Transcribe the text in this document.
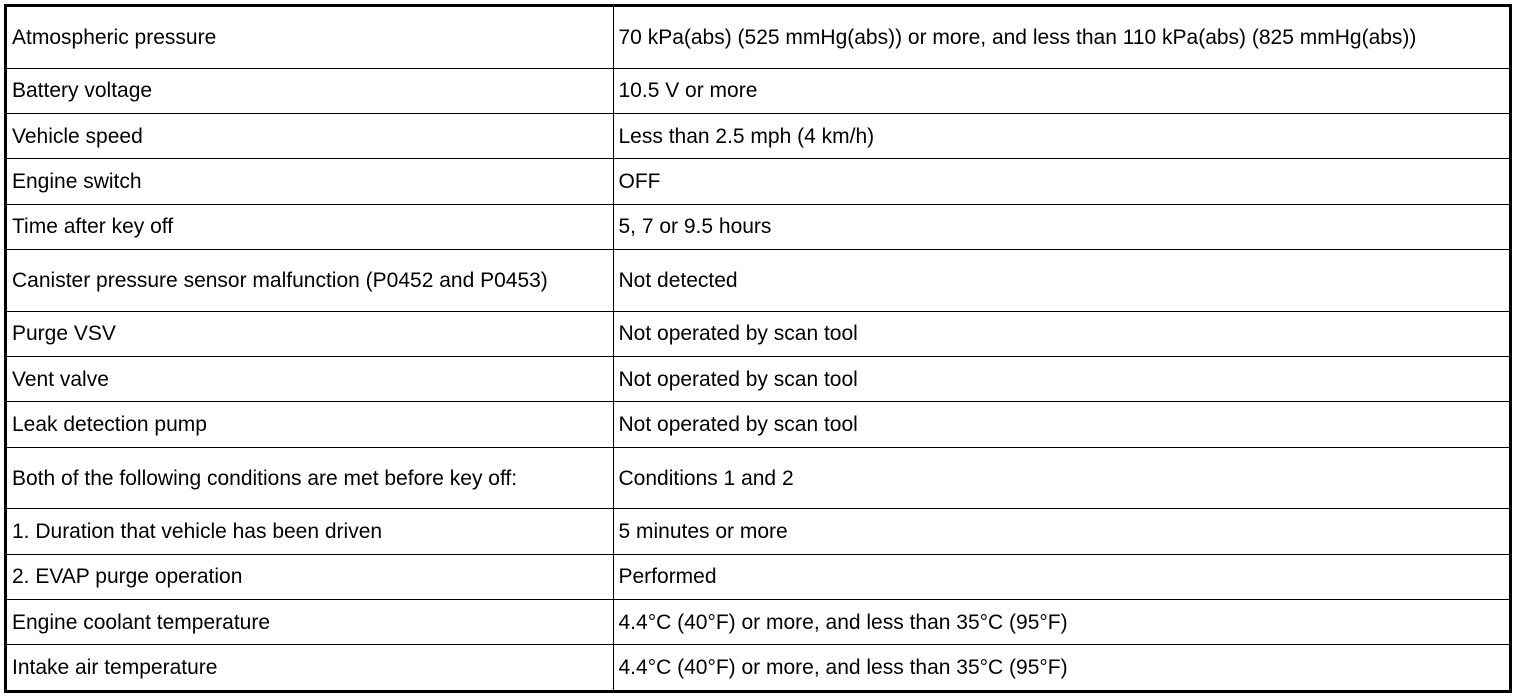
Atmospheric pressure	70 kPa(abs) (525 mmHg(abs)) or more, and less than 110 kPa(abs) (825 mmHg(abs))
Battery voltage	10.5 V or more
Vehicle speed	Less than 2.5 mph (4 km/h)
Engine switch	OFF
Time after key off	5, 7 or 9.5 hours
Canister pressure sensor malfunction (P0452 and P0453)	Not detected
Purge VSV	Not operated by scan tool
Vent valve	Not operated by scan tool
Leak detection pump	Not operated by scan tool
Both of the following conditions are met before key off:	Conditions 1 and 2
1. Duration that vehicle has been driven	5 minutes or more
2. EVAP purge operation	Performed
Engine coolant temperature	4.4°C (40°F) or more, and less than 35°C (95°F)
Intake air temperature	4.4°C (40°F) or more, and less than 35°C (95°F)
